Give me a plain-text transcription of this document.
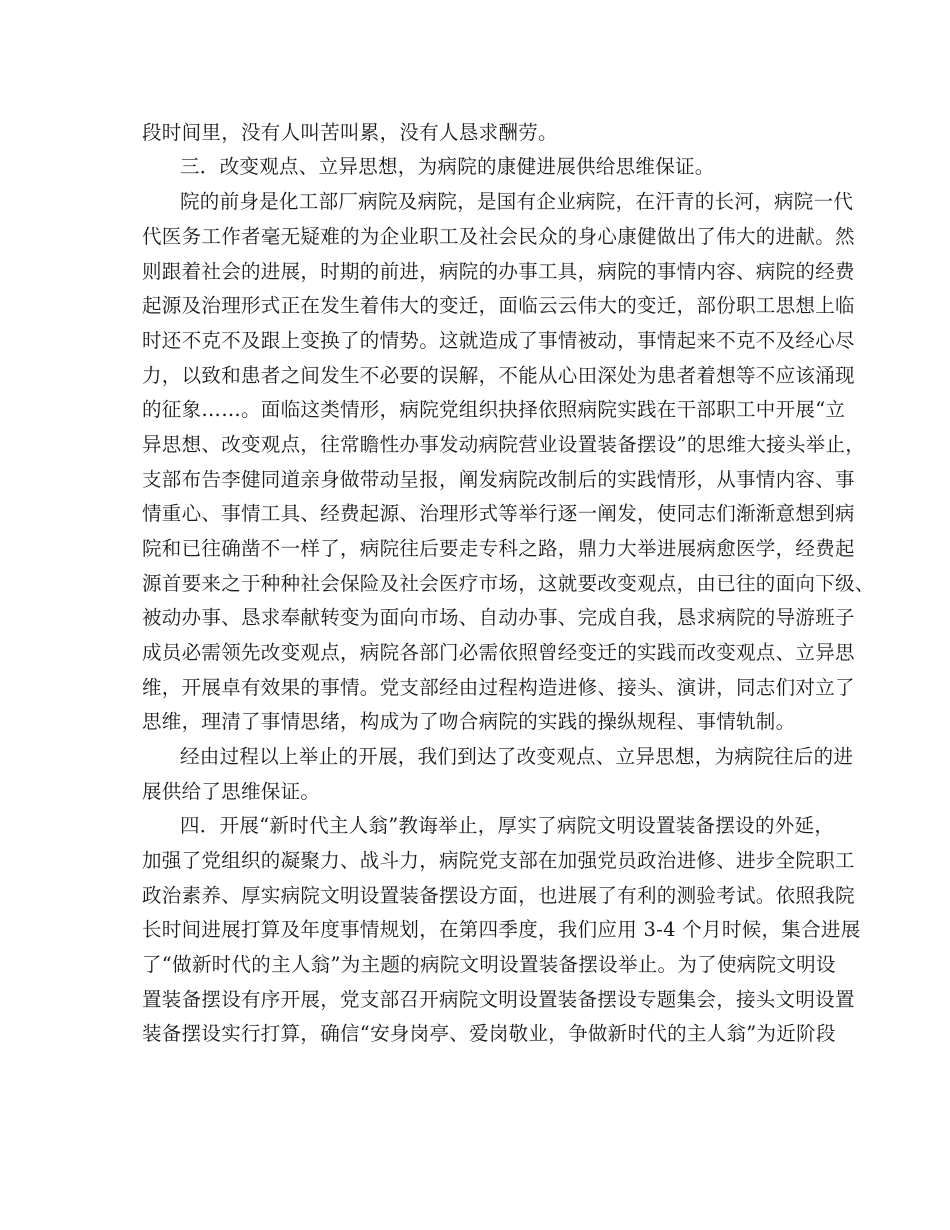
段时间里，没有人叫苦叫累，没有人恳求酬劳。
三．改变观点、立异思想，为病院的康健进展供给思维保证。
院的前身是化工部厂病院及病院，是国有企业病院，在汗青的长河，病院一代
代医务工作者毫无疑难的为企业职工及社会民众的身心康健做出了伟大的进献。然
则跟着社会的进展，时期的前进，病院的办事工具，病院的事情内容、病院的经费
起源及治理形式正在发生着伟大的变迁，面临云云伟大的变迁，部份职工思想上临
时还不克不及跟上变换了的情势。这就造成了事情被动，事情起来不克不及经心尽
力，以致和患者之间发生不必要的误解，不能从心田深处为患者着想等不应该涌现
的征象……。面临这类情形，病院党组织抉择依照病院实践在干部职工中开展“立
异思想、改变观点，往常瞻性办事发动病院营业设置装备摆设”的思维大接头举止，
支部布告李健同道亲身做带动呈报，阐发病院改制后的实践情形，从事情内容、事
情重心、事情工具、经费起源、治理形式等举行逐一阐发，使同志们渐渐意想到病
院和已往确凿不一样了，病院往后要走专科之路，鼎力大举进展病愈医学，经费起
源首要来之于种种社会保险及社会医疗市场，这就要改变观点，由已往的面向下级、
被动办事、恳求奉献转变为面向市场、自动办事、完成自我，恳求病院的导游班子
成员必需领先改变观点，病院各部门必需依照曾经变迁的实践而改变观点、立异思
维，开展卓有效果的事情。党支部经由过程构造进修、接头、演讲，同志们对立了
思维，理清了事情思绪，构成为了吻合病院的实践的操纵规程、事情轨制。
经由过程以上举止的开展，我们到达了改变观点、立异思想，为病院往后的进
展供给了思维保证。
四．开展“新时代主人翁”教诲举止，厚实了病院文明设置装备摆设的外延，
加强了党组织的凝聚力、战斗力，病院党支部在加强党员政治进修、进步全院职工
政治素养、厚实病院文明设置装备摆设方面，也进展了有利的测验考试。依照我院
长时间进展打算及年度事情规划，在第四季度，我们应用 3-4 个月时候，集合进展
了“做新时代的主人翁”为主题的病院文明设置装备摆设举止。为了使病院文明设
置装备摆设有序开展，党支部召开病院文明设置装备摆设专题集会，接头文明设置
装备摆设实行打算，确信“安身岗亭、爱岗敬业，争做新时代的主人翁”为近阶段
